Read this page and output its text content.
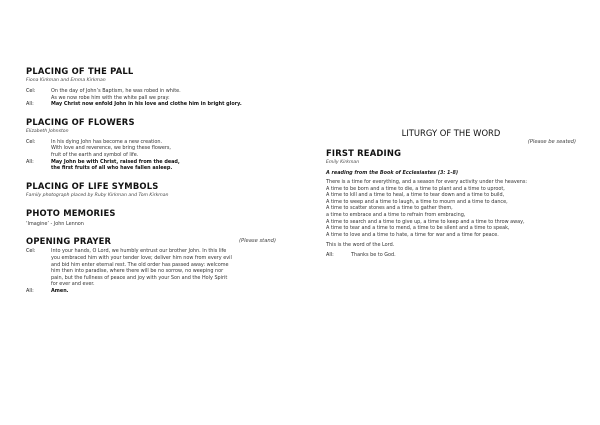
PLACING OF THE PALL
Fiona Kirkman and Emma Kirkman
Cel:	On the day of John’s Baptism, he was robed in white.
As we now robe him with the white pall we pray:
All:	May Christ now enfold John in his love and clothe him in bright glory.
PLACING OF FLOWERS
Elizabeth Johnston
Cel:	In his dying John has become a new creation.
With love and reverence, we bring these flowers,
fruit of the earth and symbol of life.
All:	May John be with Christ, raised from the dead,
the first fruits of all who have fallen asleep.
PLACING OF LIFE SYMBOLS
Family photograph placed by Ruby Kirkman and Tom Kirkman
PHOTO MEMORIES
‘Imagine’ - John Lennon
OPENING PRAYER	(Please stand)
Cel:	Into your hands, O Lord, we humbly entrust our brother John. In this life
you embraced him with your tender love; deliver him now from every evil
and bid him enter eternal rest. The old order has passed away: welcome
him then into paradise, where there will be no sorrow, no weeping nor
pain, but the fullness of peace and joy with your Son and the Holy Spirit
for ever and ever.
All:	Amen.
LITURGY OF THE WORD
(Please be seated)
FIRST READING
Emily Kirkman
A reading from the Book of Ecclesiastes (3: 1-8)
There is a time for everything, and a season for every activity under the heavens:
A time to be born and a time to die, a time to plant and a time to uproot,
A time to kill and a time to heal, a time to tear down and a time to build,
A time to weep and a time to laugh, a time to mourn and a time to dance,
A time to scatter stones and a time to gather them,
a time to embrace and a time to refrain from embracing,
A time to search and a time to give up, a time to keep and a time to throw away,
A time to tear and a time to mend, a time to be silent and a time to speak,
A time to love and a time to hate, a time for war and a time for peace.
This is the word of the Lord.
All:	Thanks be to God.
